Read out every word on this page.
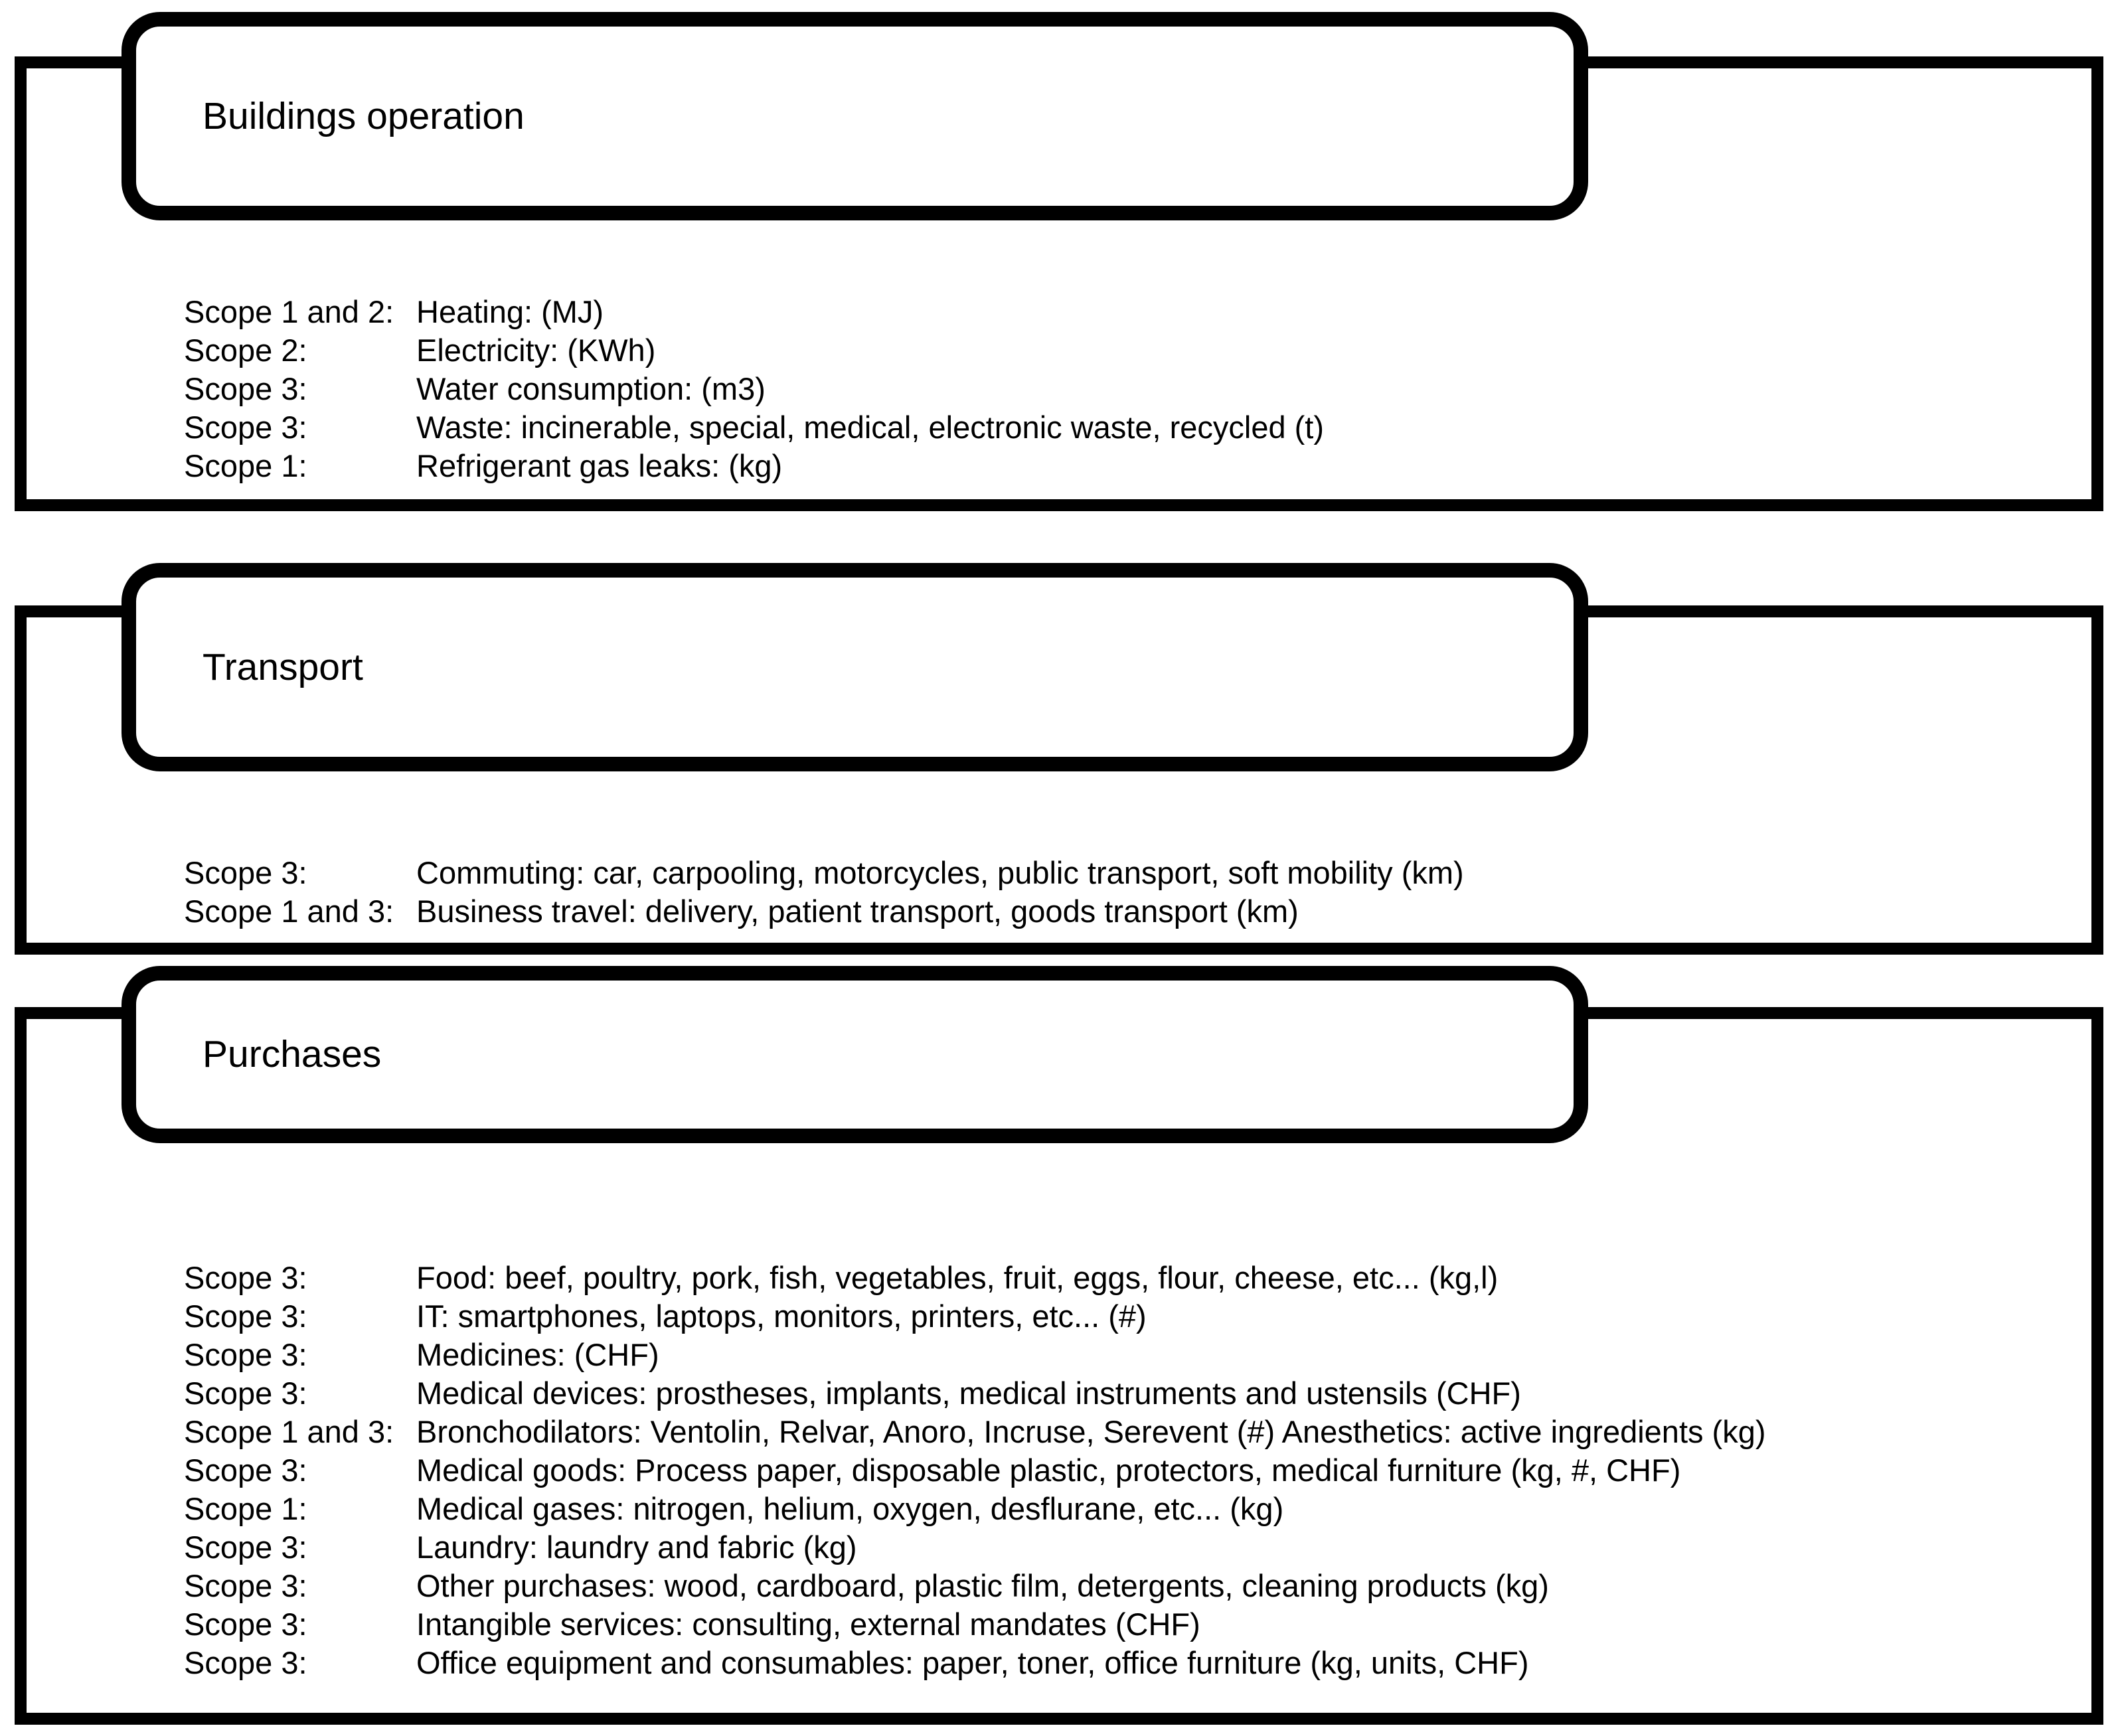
Buildings operation
Scope 1 and 2: Heating: (MJ)
Scope 2:	Electricity: (KWh)
Scope 3:	Water consumption: (m3)
Scope 3:	Waste: incinerable, special, medical, electronic waste, recycled (t)
Scope 1:	Refrigerant gas leaks: (kg)
Transport
Scope 3:	Commuting: car, carpooling, motorcycles, public transport, soft mobility (km)
Scope 1 and 3: Business travel: delivery, patient transport, goods transport (km)
Purchases
Scope 3:	Food: beef, poultry, pork, fish, vegetables, fruit, eggs, flour, cheese, etc... (kg,l)
Scope 3:	IT: smartphones, laptops, monitors, printers, etc... (#)
Scope 3:	Medicines: (CHF)
Scope 3:	Medical devices: prostheses, implants, medical instruments and ustensils (CHF)
Scope 1 and 3: Bronchodilators: Ventolin, Relvar, Anoro, Incruse, Serevent (#) Anesthetics: active ingredients (kg)
Scope 3:	Medical goods: Process paper, disposable plastic, protectors, medical furniture (kg, #, CHF)
Scope 1:	Medical gases: nitrogen, helium, oxygen, desflurane, etc... (kg)
Scope 3:	Laundry: laundry and fabric (kg)
Scope 3:	Other purchases: wood, cardboard, plastic film, detergents, cleaning products (kg)
Scope 3:	Intangible services: consulting, external mandates (CHF)
Scope 3:	Office equipment and consumables: paper, toner, office furniture (kg, units, CHF)
